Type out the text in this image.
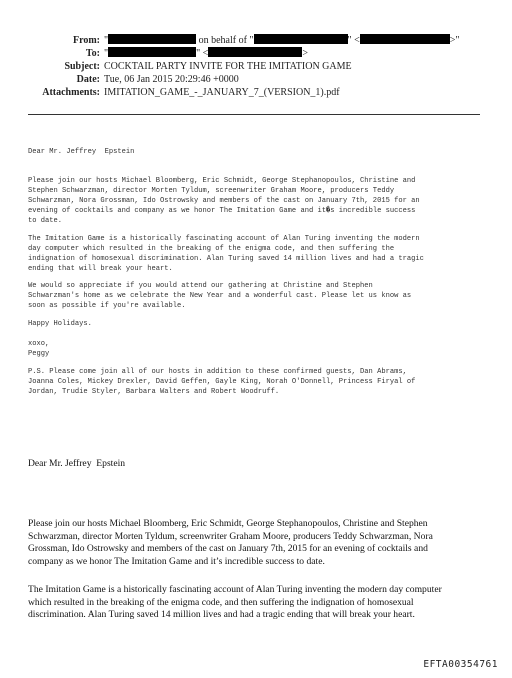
From: "	on behalf of "	" <	>"
To: "	" <	>
Subject: COCKTAIL PARTY INVITE FOR THE IMITATION GAME
Date: Tue, 06 Jan 2015 20:29:46 +0000
Attachments: IMITATION_GAME_-_JANUARY_7_(VERSION_1).pdf
Dear Mr. Jeffrey  Epstein
Please join our hosts Michael Bloomberg, Eric Schmidt, George Stephanopoulos, Christine and
Stephen Schwarzman, director Morten Tyldum, screenwriter Graham Moore, producers Teddy
Schwarzman, Nora Grossman, Ido Ostrowsky and members of the cast on January 7th, 2015 for an
evening of cocktails and company as we honor The Imitation Game and it�s incredible success
to date.
The Imitation Game is a historically fascinating account of Alan Turing inventing the modern
day computer which resulted in the breaking of the enigma code, and then suffering the
indignation of homosexual discrimination. Alan Turing saved 14 million lives and had a tragic
ending that will break your heart.
We would so appreciate if you would attend our gathering at Christine and Stephen
Schwarzman's home as we celebrate the New Year and a wonderful cast. Please let us know as
soon as possible if you're available.
Happy Holidays.
xoxo,
Peggy
P.S. Please come join all of our hosts in addition to these confirmed guests, Dan Abrams,
Joanna Coles, Mickey Drexler, David Geffen, Gayle King, Norah O'Donnell, Princess Firyal of
Jordan, Trudie Styler, Barbara Walters and Robert Woodruff.
Dear Mr. Jeffrey  Epstein
Please join our hosts Michael Bloomberg, Eric Schmidt, George Stephanopoulos, Christine and Stephen
Schwarzman, director Morten Tyldum, screenwriter Graham Moore, producers Teddy Schwarzman, Nora
Grossman, Ido Ostrowsky and members of the cast on January 7th, 2015 for an evening of cocktails and
company as we honor The Imitation Game and it’s incredible success to date.
The Imitation Game is a historically fascinating account of Alan Turing inventing the modern day computer
which resulted in the breaking of the enigma code, and then suffering the indignation of homosexual
discrimination. Alan Turing saved 14 million lives and had a tragic ending that will break your heart.
EFTA00354761
